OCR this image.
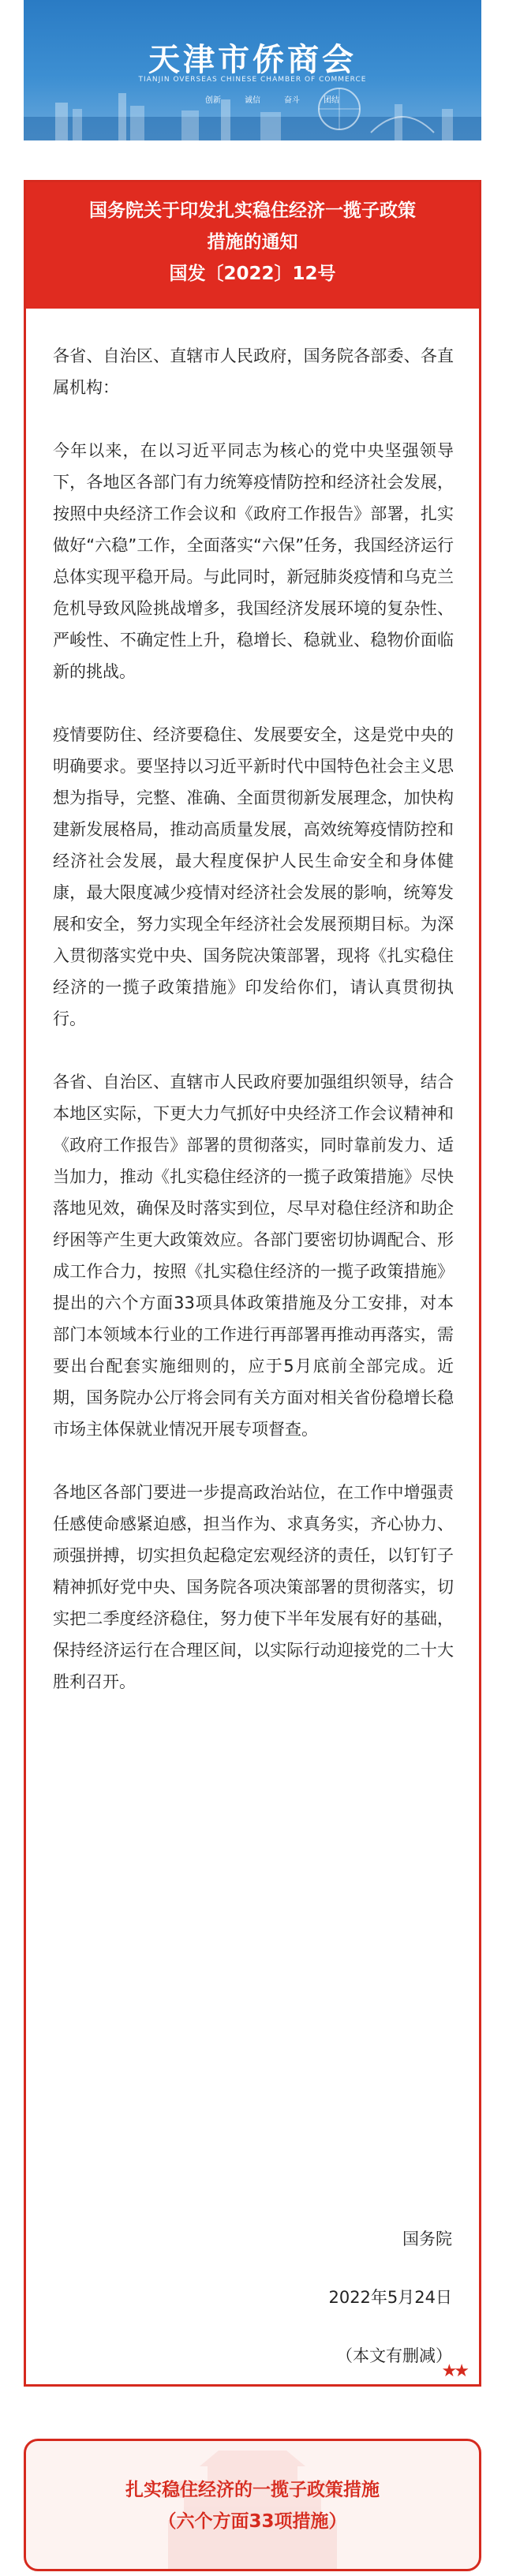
天津市侨商会
TIANJIN OVERSEAS CHINESE CHAMBER OF COMMERCE
创新	诚信	奋斗	团结
国务院关于印发扎实稳住经济一揽子政策
措施的通知
国发〔2022〕12号

各省、自治区、直辖市人民政府，国务院各部委、各直属机构：

今年以来，在以习近平同志为核心的党中央坚强领导下，各地区各部门有力统筹疫情防控和经济社会发展，按照中央经济工作会议和《政府工作报告》部署，扎实做好“六稳”工作，全面落实“六保”任务，我国经济运行总体实现平稳开局。与此同时，新冠肺炎疫情和乌克兰危机导致风险挑战增多，我国经济发展环境的复杂性、严峻性、不确定性上升，稳增长、稳就业、稳物价面临新的挑战。

疫情要防住、经济要稳住、发展要安全，这是党中央的明确要求。要坚持以习近平新时代中国特色社会主义思想为指导，完整、准确、全面贯彻新发展理念，加快构建新发展格局，推动高质量发展，高效统筹疫情防控和经济社会发展，最大程度保护人民生命安全和身体健康，最大限度减少疫情对经济社会发展的影响，统筹发展和安全，努力实现全年经济社会发展预期目标。为深入贯彻落实党中央、国务院决策部署，现将《扎实稳住经济的一揽子政策措施》印发给你们，请认真贯彻执行。

各省、自治区、直辖市人民政府要加强组织领导，结合本地区实际，下更大力气抓好中央经济工作会议精神和《政府工作报告》部署的贯彻落实，同时靠前发力、适当加力，推动《扎实稳住经济的一揽子政策措施》尽快落地见效，确保及时落实到位，尽早对稳住经济和助企纾困等产生更大政策效应。各部门要密切协调配合、形成工作合力，按照《扎实稳住经济的一揽子政策措施》提出的六个方面33项具体政策措施及分工安排，对本部门本领域本行业的工作进行再部署再推动再落实，需要出台配套实施细则的，应于5月底前全部完成。近期，国务院办公厅将会同有关方面对相关省份稳增长稳市场主体保就业情况开展专项督查。

各地区各部门要进一步提高政治站位，在工作中增强责任感使命感紧迫感，担当作为、求真务实，齐心协力、顽强拼搏，切实担负起稳定宏观经济的责任，以钉钉子精神抓好党中央、国务院各项决策部署的贯彻落实，切实把二季度经济稳住，努力使下半年发展有好的基础，保持经济运行在合理区间，以实际行动迎接党的二十大胜利召开。

国务院
2022年5月24日
（本文有删减）
★★
扎实稳住经济的一揽子政策措施
（六个方面33项措施）
